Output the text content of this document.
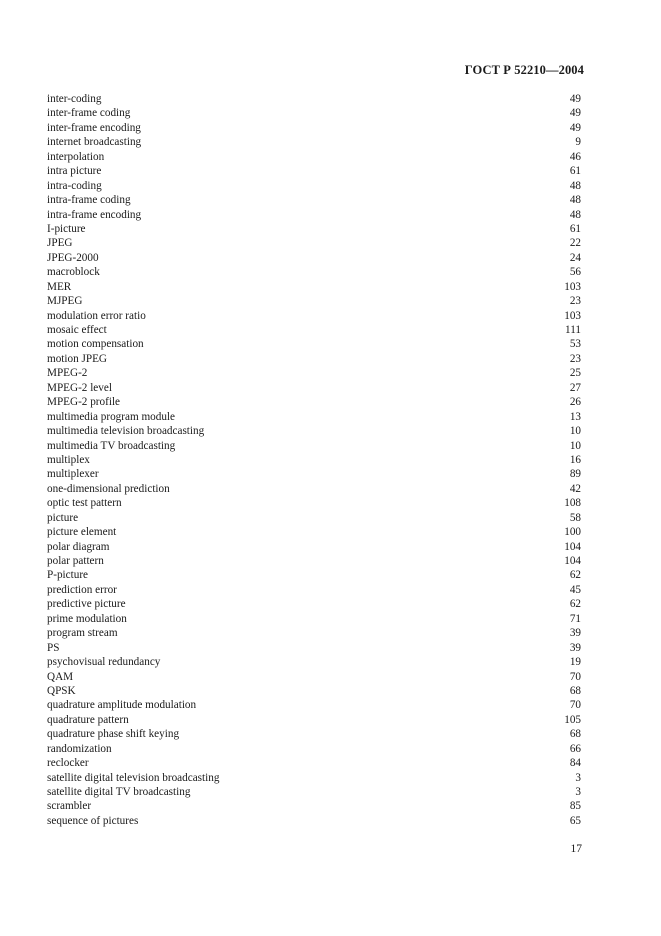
ГОСТ Р 52210—2004
inter-coding	49
inter-frame coding	49
inter-frame encoding	49
internet broadcasting	9
interpolation	46
intra picture	61
intra-coding	48
intra-frame coding	48
intra-frame encoding	48
I-picture	61
JPEG	22
JPEG-2000	24
macroblock	56
MER	103
MJPEG	23
modulation error ratio	103
mosaic effect	111
motion compensation	53
motion JPEG	23
MPEG-2	25
MPEG-2 level	27
MPEG-2 profile	26
multimedia program module	13
multimedia television broadcasting	10
multimedia TV broadcasting	10
multiplex	16
multiplexer	89
one-dimensional prediction	42
optic test pattern	108
picture	58
picture element	100
polar diagram	104
polar pattern	104
P-picture	62
prediction error	45
predictive picture	62
prime modulation	71
program stream	39
PS	39
psychovisual redundancy	19
QAM	70
QPSK	68
quadrature amplitude modulation	70
quadrature pattern	105
quadrature phase shift keying	68
randomization	66
reclocker	84
satellite digital television broadcasting	3
satellite digital TV broadcasting	3
scrambler	85
sequence of pictures	65
17
